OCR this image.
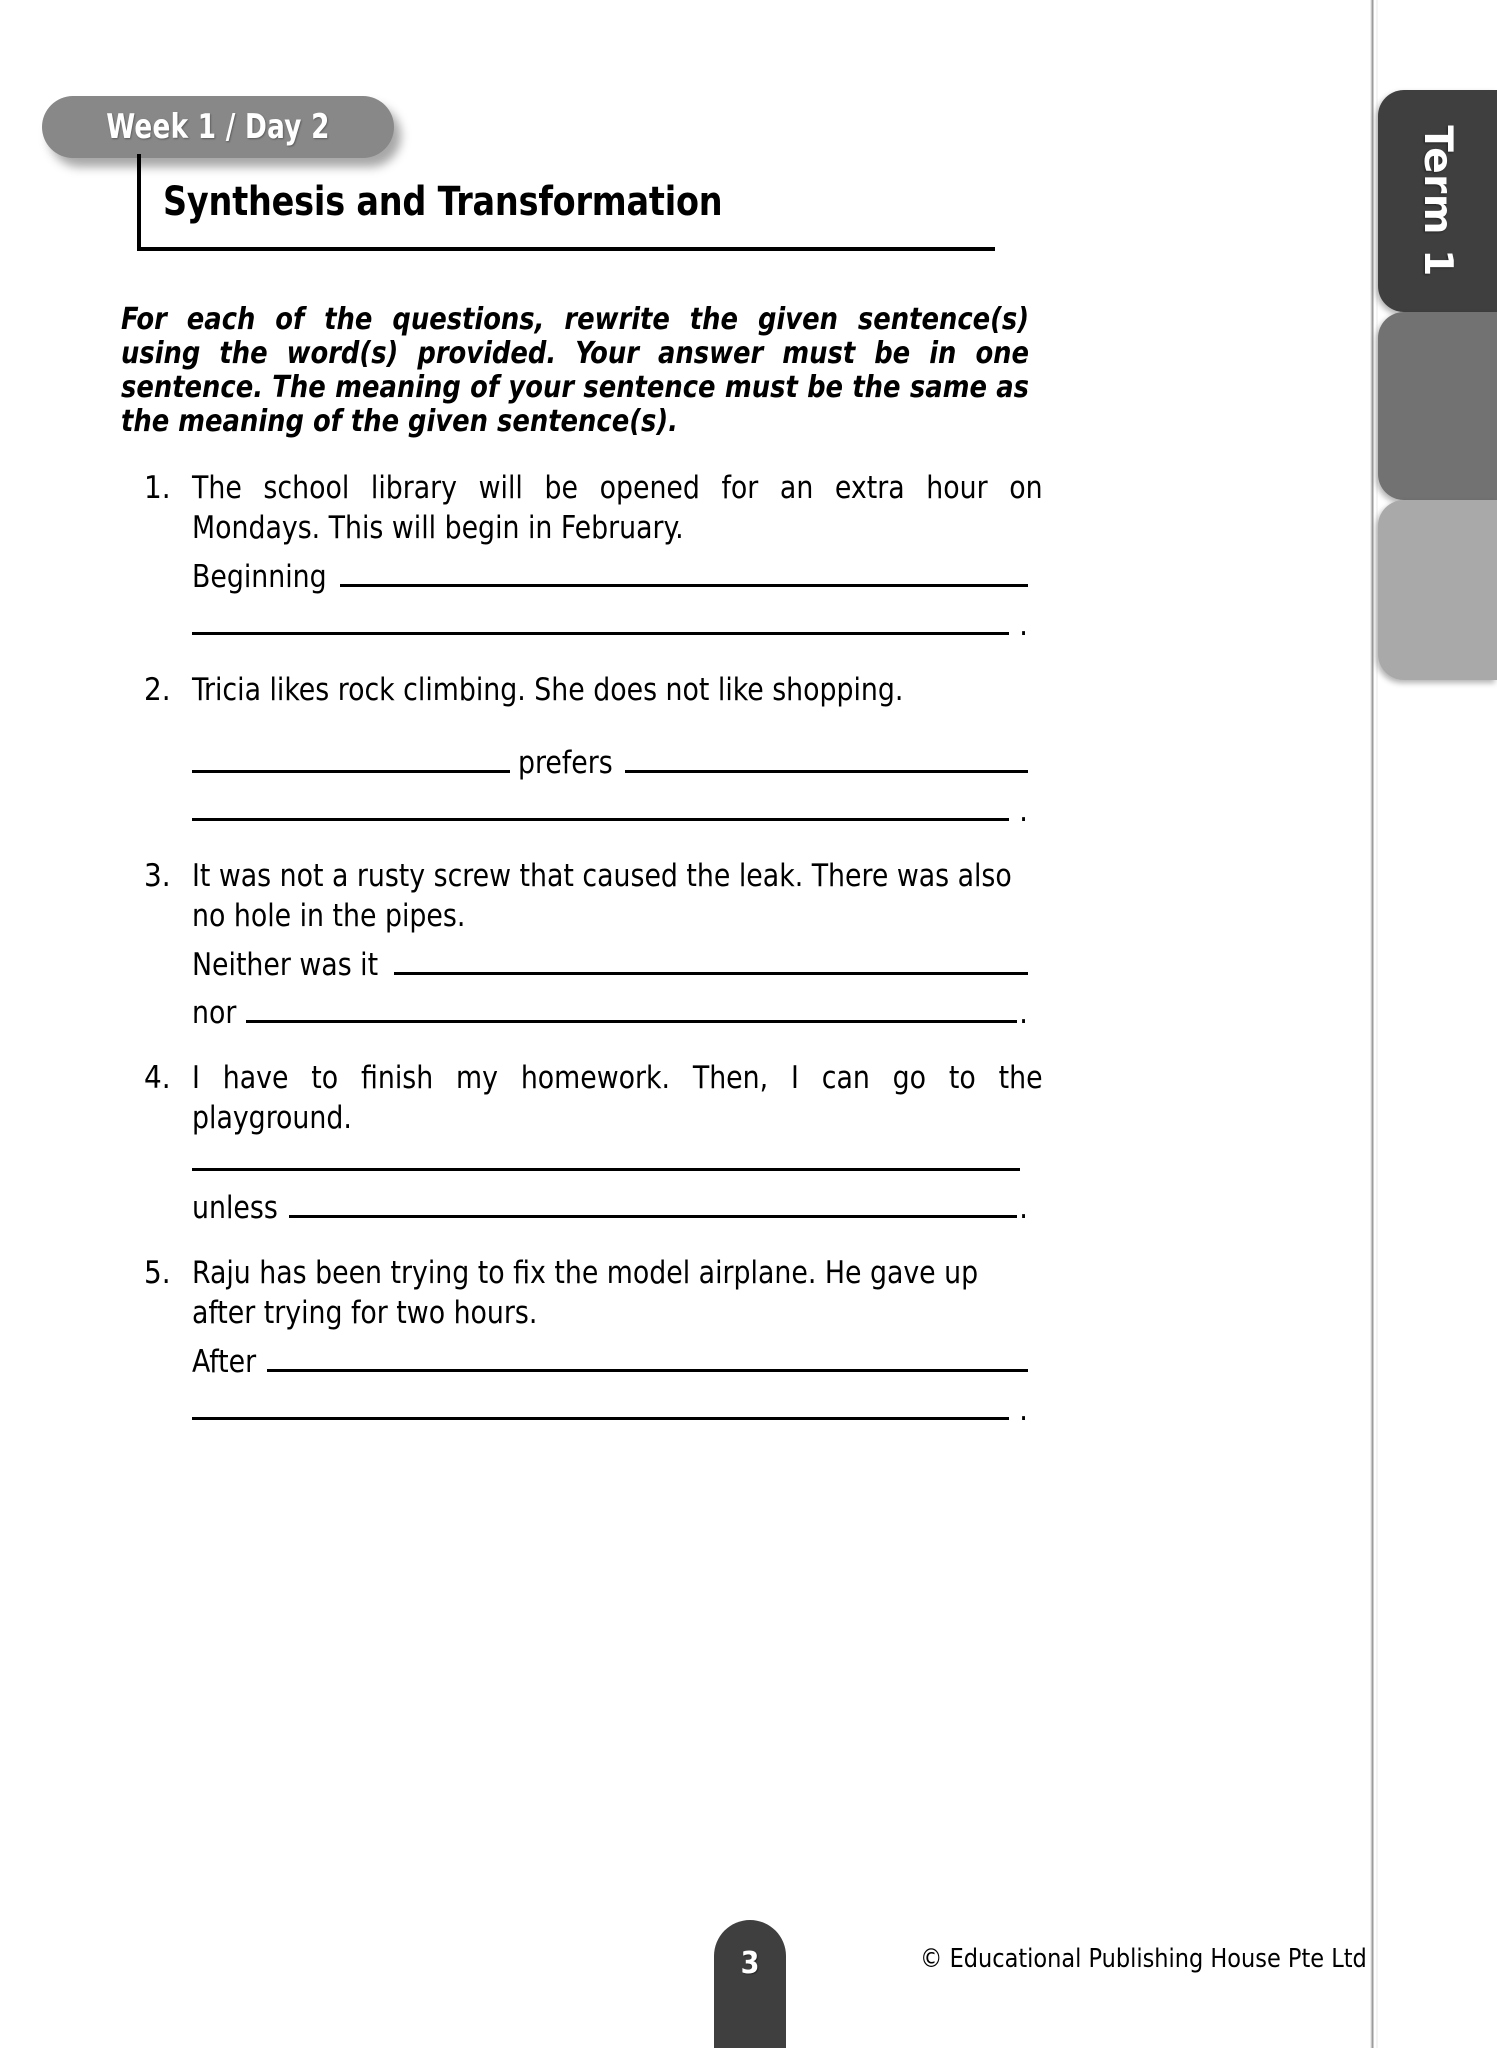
Term 1
Week 1 / Day 2
Synthesis and Transformation
For each of the questions, rewrite the given sentence(s) using the word(s) provided. Your answer must be in one sentence. The meaning of your sentence must be the same as the meaning of the given sentence(s).
1. The school library will be opened for an extra hour on Mondays. This will begin in February.
Beginning
.
2. Tricia likes rock climbing. She does not like shopping.
prefers
.
3. It was not a rusty screw that caused the leak. There was also no hole in the pipes.
Neither was it
nor	.
4. I have to finish my homework. Then, I can go to the playground.
unless	.
5. Raju has been trying to fix the model airplane. He gave up after trying for two hours.
After
.
3	© Educational Publishing House Pte Ltd
